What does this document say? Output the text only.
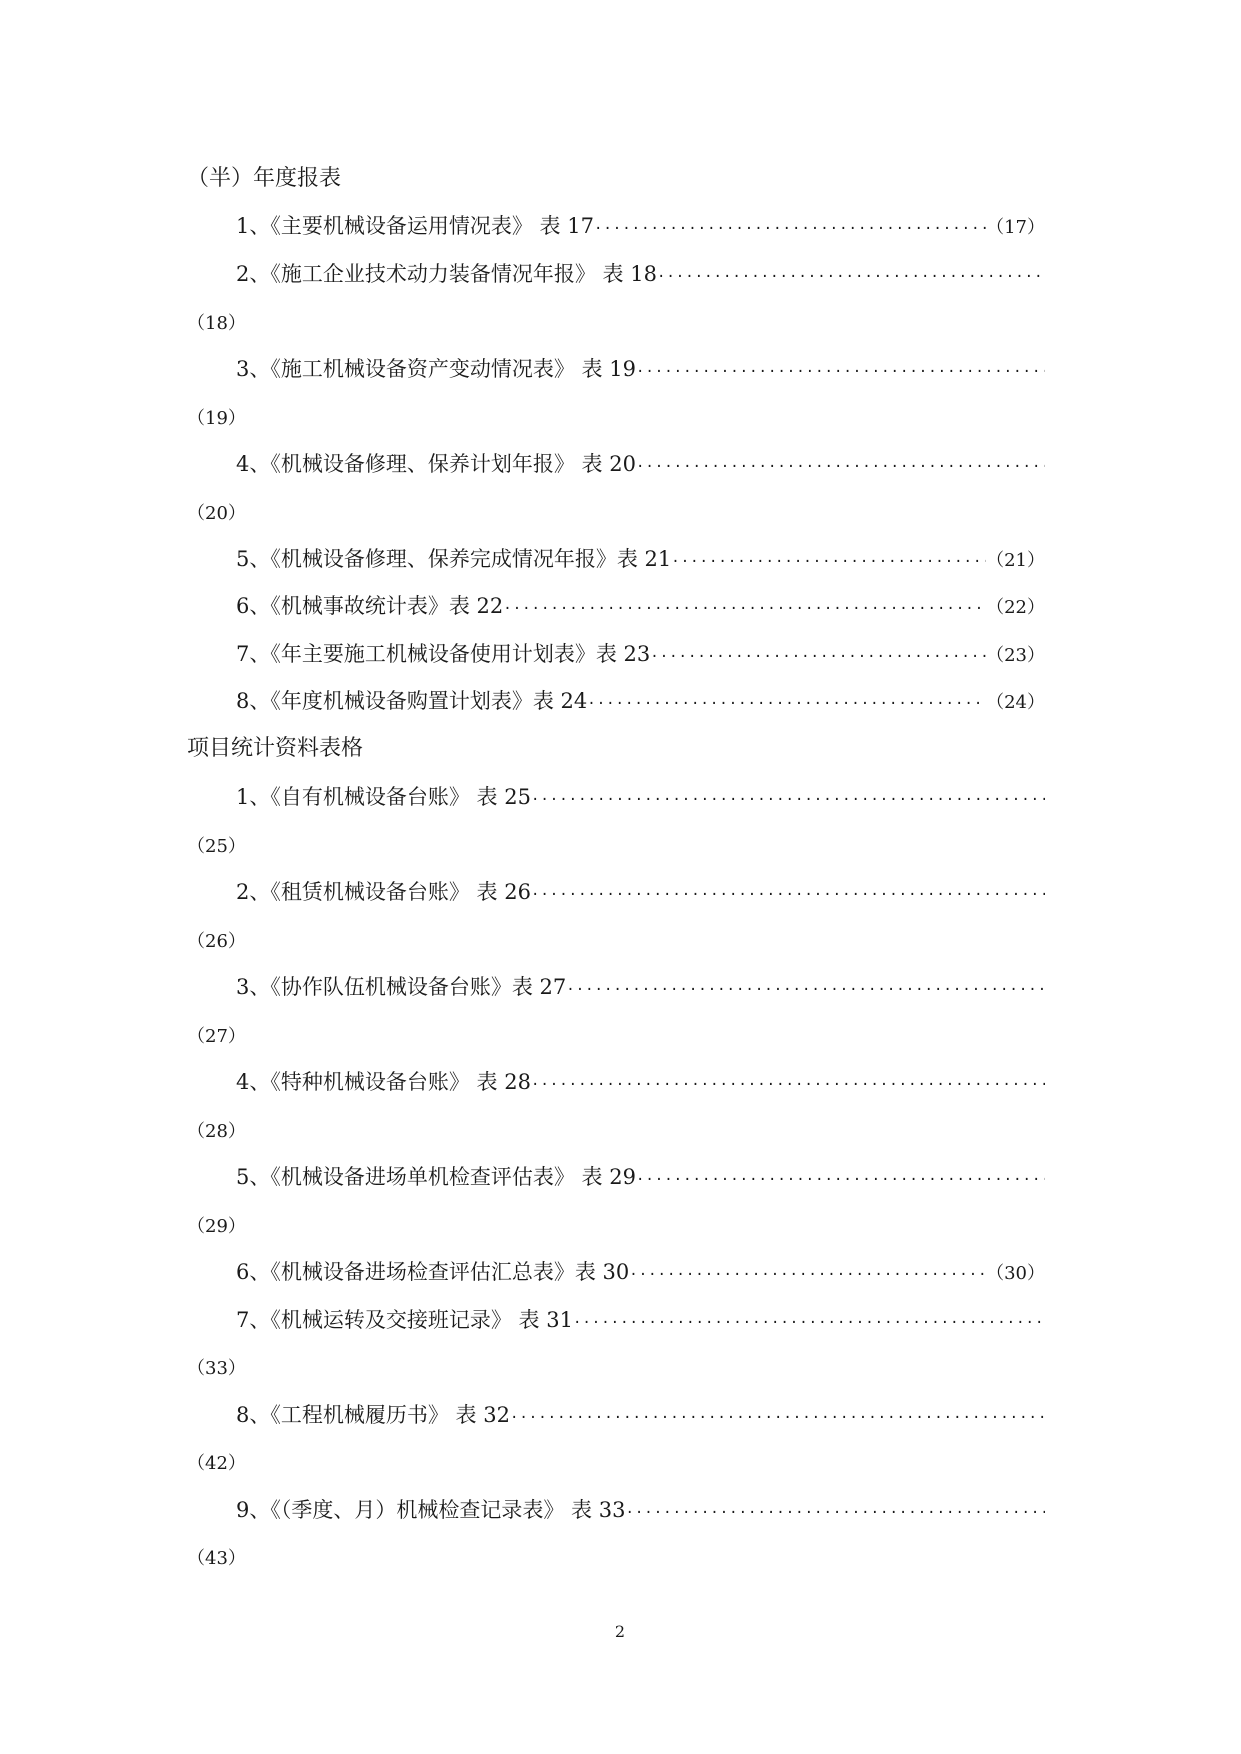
（半）年度报表
1、《主要机械设备运用情况表》 表 17 ·····	（17）
2、《施工企业技术动力装备情况年报》 表 18
·····
（18）
3、《施工机械设备资产变动情况表》 表 19
·····
（19）
4、《机械设备修理、保养计划年报》 表 20
·····
（20）
5、《机械设备修理、保养完成情况年报》表 21 ·····	（21）
6、《机械事故统计表》表 22 ·····	（22）
7、《年主要施工机械设备使用计划表》表 23 ·····	（23）
8、《年度机械设备购置计划表》表 24 ·····	（24）
项目统计资料表格
1、《自有机械设备台账》 表 25
·····
（25）
2、《租赁机械设备台账》 表 26
·····
（26）
3、《协作队伍机械设备台账》表 27
·····
（27）
4、《特种机械设备台账》 表 28
·····
（28）
5、《机械设备进场单机检查评估表》 表 29
·····
（29）
6、《机械设备进场检查评估汇总表》表 30 ·····	（30）
7、《机械运转及交接班记录》 表 31
·····
（33）
8、《工程机械履历书》 表 32
·····
（42）
9、《（季度、月）机械检查记录表》 表 33
·····
（43）
2
